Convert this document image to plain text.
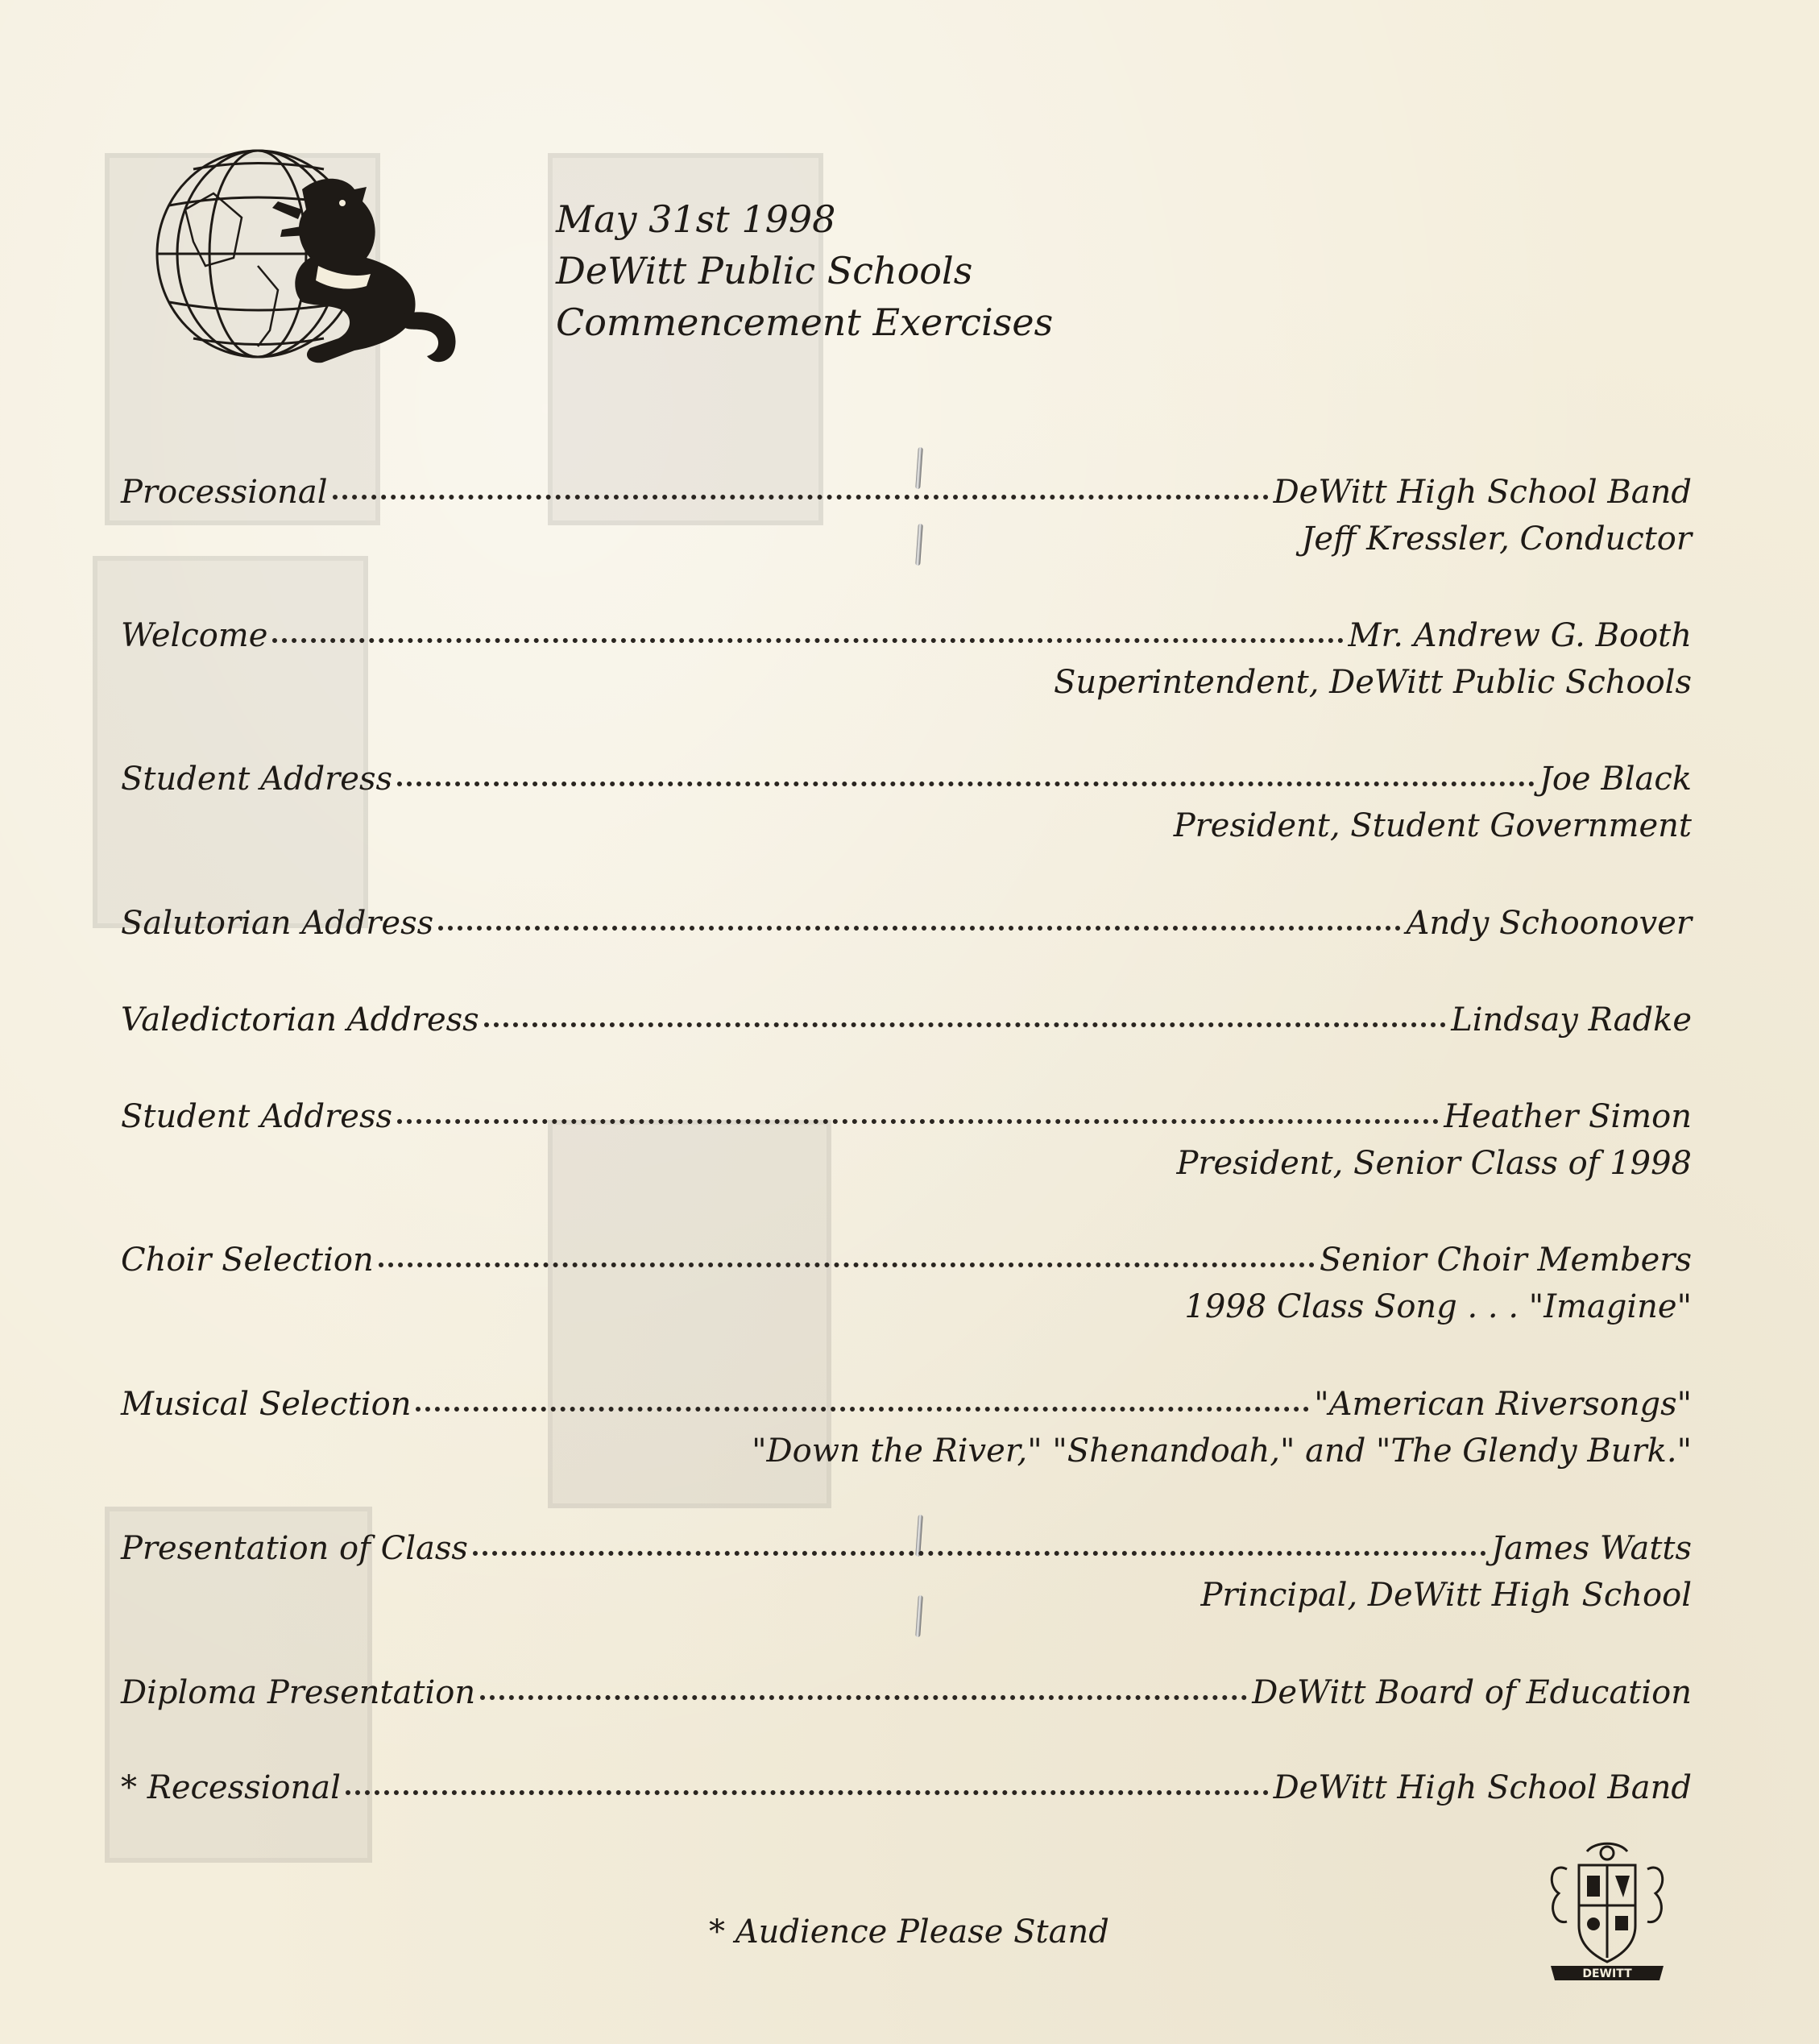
May 31st 1998
DeWitt Public Schools
Commencement Exercises
Processional	DeWitt High School Band
Jeff Kressler, Conductor
Welcome	Mr. Andrew G. Booth
Superintendent, DeWitt Public Schools
Student Address	Joe Black
President, Student Government
Salutorian Address	Andy Schoonover
Valedictorian Address	Lindsay Radke
Student Address	Heather Simon
President, Senior Class of 1998
Choir Selection	Senior Choir Members
1998 Class Song . . . "Imagine"
Musical Selection	"American Riversongs"
"Down the River," "Shenandoah," and "The Glendy Burk."
Presentation of Class	James Watts
Principal, DeWitt High School
Diploma Presentation	DeWitt Board of Education
* Recessional	DeWitt High School Band
* Audience Please Stand
DEWITT
